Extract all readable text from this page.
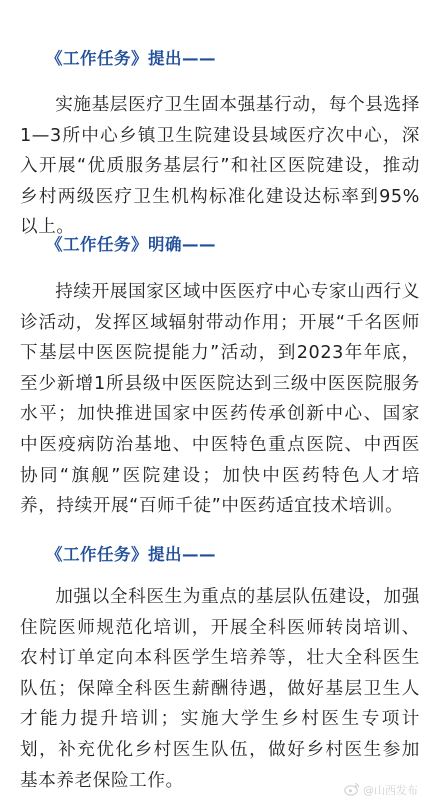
《工作任务》提出——

实施基层医疗卫生固本强基行动，每个县选择1—3所中心乡镇卫生院建设县域医疗次中心，深入开展“优质服务基层行”和社区医院建设，推动乡村两级医疗卫生机构标准化建设达标率到95%以上。

《工作任务》明确——

持续开展国家区域中医医疗中心专家山西行义诊活动，发挥区域辐射带动作用；开展“千名医师下基层中医医院提能力”活动，到2023年年底，至少新增1所县级中医医院达到三级中医医院服务水平；加快推进国家中医药传承创新中心、国家中医疫病防治基地、中医特色重点医院、中西医协同“旗舰”医院建设；加快中医药特色人才培养，持续开展“百师千徒”中医药适宜技术培训。

《工作任务》提出——

加强以全科医生为重点的基层队伍建设，加强住院医师规范化培训，开展全科医师转岗培训、农村订单定向本科医学生培养等，壮大全科医生队伍；保障全科医生薪酬待遇，做好基层卫生人才能力提升培训；实施大学生乡村医生专项计划，补充优化乡村医生队伍，做好乡村医生参加基本养老保险工作。	@山西发布
